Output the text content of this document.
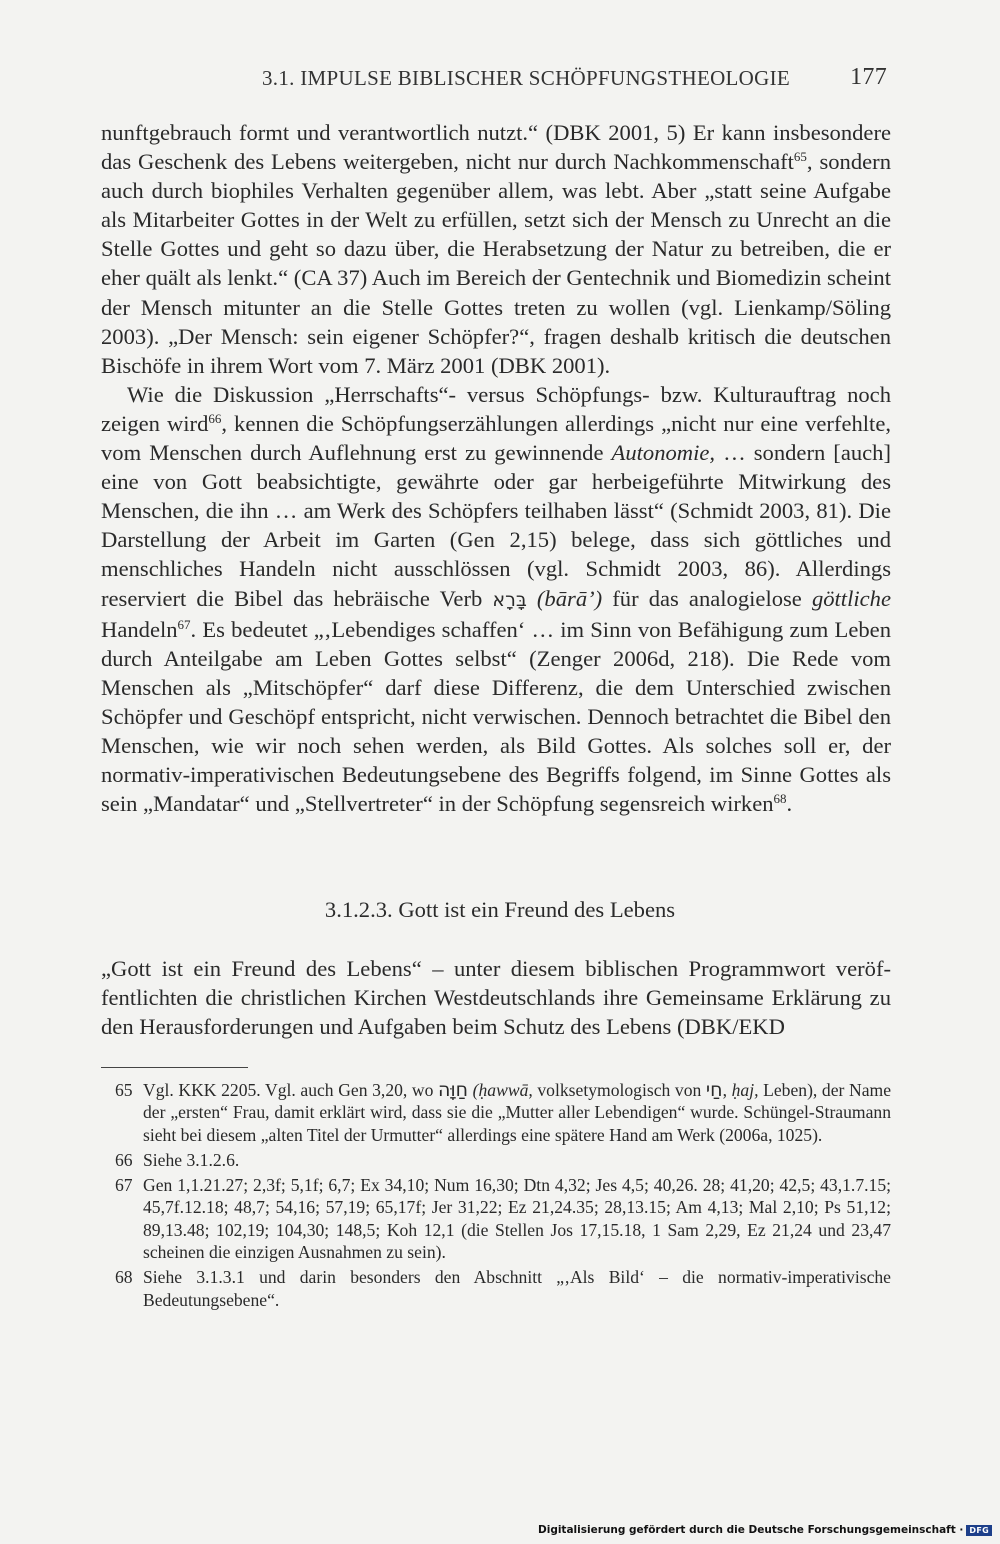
3.1. IMPULSE BIBLISCHER SCHÖPFUNGSTHEOLOGIE	177

nunftgebrauch formt und verantwortlich nutzt.“ (DBK 2001, 5) Er kann insbesondere das Geschenk des Lebens weitergeben, nicht nur durch Nachkommenschaft$^{65}$, sondern auch durch biophiles Verhalten gegenüber allem, was lebt. Aber „statt seine Aufgabe als Mitarbeiter Gottes in der Welt zu erfüllen, setzt sich der Mensch zu Unrecht an die Stelle Gottes und geht so dazu über, die Herabsetzung der Natur zu betreiben, die er eher quält als lenkt.“ (CA 37) Auch im Bereich der Gentechnik und Biomedizin scheint der Mensch mitunter an die Stelle Gottes treten zu wollen (vgl. Lienkamp/Söling 2003). „Der Mensch: sein eigener Schöpfer?“, fragen deshalb kritisch die deutschen Bischöfe in ihrem Wort vom 7. März 2001 (DBK 2001).

Wie die Diskussion „Herrschafts“- versus Schöpfungs- bzw. Kulturauftrag noch zeigen wird$^{66}$, kennen die Schöpfungserzählungen allerdings „nicht nur eine verfehlte, vom Menschen durch Auflehnung erst zu gewinnende Autonomie, … sondern [auch] eine von Gott beabsichtigte, gewährte oder gar herbeigeführte Mitwirkung des Menschen, die ihn … am Werk des Schöpfers teilhaben lässt“ (Schmidt 2003, 81). Die Darstellung der Arbeit im Garten (Gen 2,15) belege, dass sich göttliches und menschliches Handeln nicht ausschlössen (vgl. Schmidt 2003, 86). Allerdings reserviert die Bibel das hebräische Verb בָּרָא (bārā’) für das analogielose göttliche Handeln$^{67}$. Es bedeutet „‚Lebendiges schaffen‘ … im Sinn von Befähigung zum Leben durch Anteilgabe am Leben Gottes selbst“ (Zenger 2006d, 218). Die Rede vom Menschen als „Mitschöpfer“ darf diese Differenz, die dem Unterschied zwischen Schöpfer und Geschöpf entspricht, nicht verwischen. Dennoch betrachtet die Bibel den Menschen, wie wir noch sehen werden, als Bild Gottes. Als solches soll er, der normativ-imperativischen Bedeutungsebene des Begriffs folgend, im Sinne Gottes als sein „Mandatar“ und „Stellvertreter“ in der Schöpfung segensreich wirken$^{68}$.

3.1.2.3. Gott ist ein Freund des Lebens

„Gott ist ein Freund des Lebens“ – unter diesem biblischen Programmwort veröffentlichten die christlichen Kirchen Westdeutschlands ihre Gemeinsame Erklärung zu den Herausforderungen und Aufgaben beim Schutz des Lebens (DBK/EKD

65 Vgl. KKK 2205. Vgl. auch Gen 3,20, wo חַוָּה (ḥawwā, volksetymologisch von חַי, ḥaj, Leben), der Name der „ersten“ Frau, damit erklärt wird, dass sie die „Mutter aller Lebendigen“ wurde. Schüngel-Straumann sieht bei diesem „alten Titel der Urmutter“ allerdings eine spätere Hand am Werk (2006a, 1025).
66 Siehe 3.1.2.6.
67 Gen 1,1.21.27; 2,3f; 5,1f; 6,7; Ex 34,10; Num 16,30; Dtn 4,32; Jes 4,5; 40,26. 28; 41,20; 42,5; 43,1.7.15; 45,7f.12.18; 48,7; 54,16; 57,19; 65,17f; Jer 31,22; Ez 21,24.35; 28,13.15; Am 4,13; Mal 2,10; Ps 51,12; 89,13.48; 102,19; 104,30; 148,5; Koh 12,1 (die Stellen Jos 17,15.18, 1 Sam 2,29, Ez 21,24 und 23,47 scheinen die einzigen Ausnahmen zu sein).
68 Siehe 3.1.3.1 und darin besonders den Abschnitt „‚Als Bild‘ – die normativ-imperativische Bedeutungsebene“.
Digitalisierung gefördert durch die Deutsche Forschungsgemeinschaft · DFG
